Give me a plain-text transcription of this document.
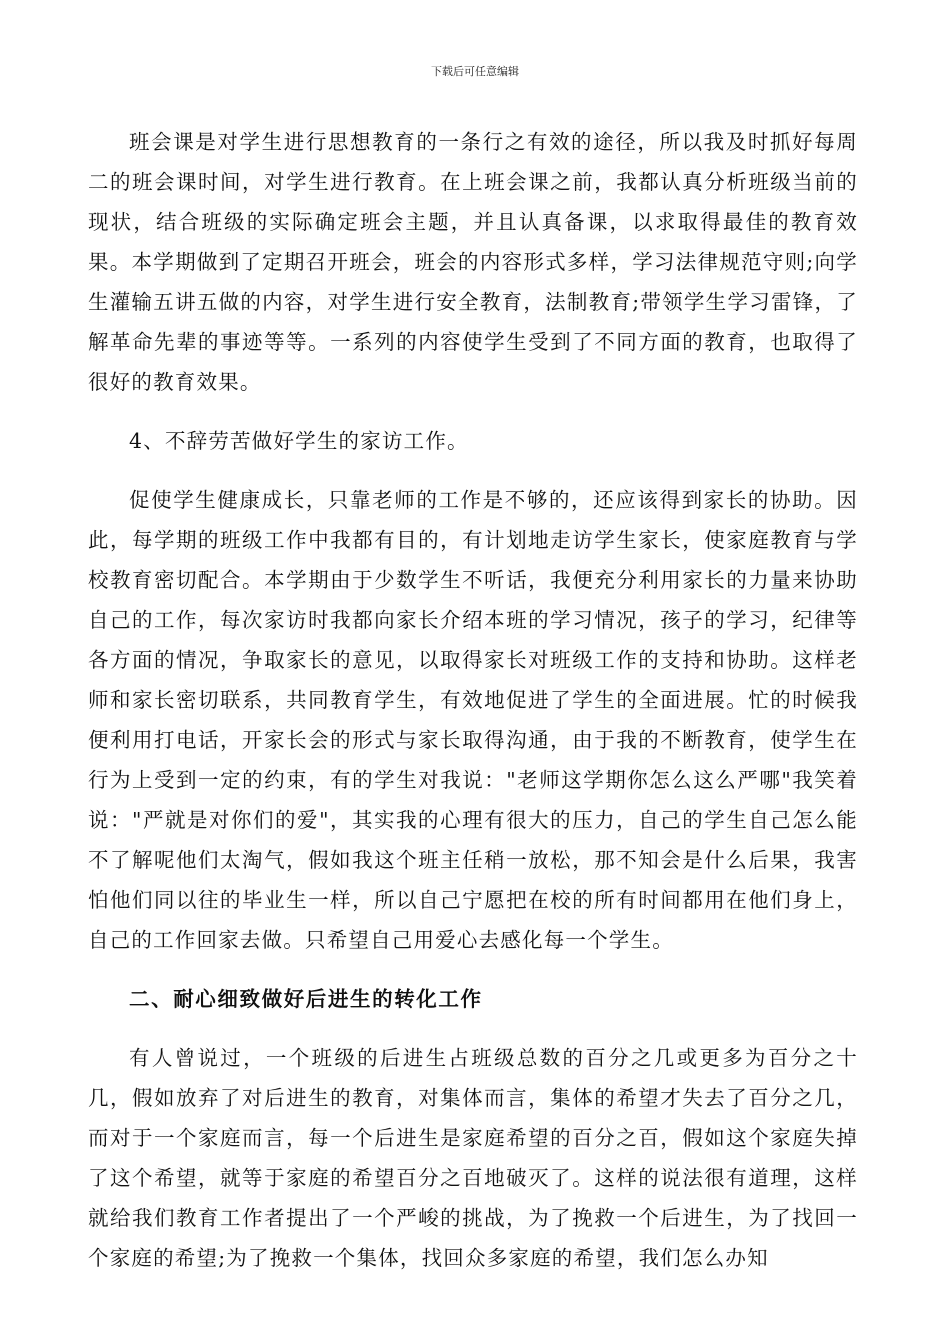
下载后可任意编辑

班会课是对学生进行思想教育的一条行之有效的途径，所以我及时抓好每周二的班会课时间，对学生进行教育。在上班会课之前，我都认真分析班级当前的现状，结合班级的实际确定班会主题，并且认真备课，以求取得最佳的教育效果。本学期做到了定期召开班会，班会的内容形式多样，学习法律规范守则;向学生灌输五讲五做的内容，对学生进行安全教育，法制教育;带领学生学习雷锋，了解革命先辈的事迹等等。一系列的内容使学生受到了不同方面的教育，也取得了很好的教育效果。

4、不辞劳苦做好学生的家访工作。

促使学生健康成长，只靠老师的工作是不够的，还应该得到家长的协助。因此，每学期的班级工作中我都有目的，有计划地走访学生家长，使家庭教育与学校教育密切配合。本学期由于少数学生不听话，我便充分利用家长的力量来协助自己的工作，每次家访时我都向家长介绍本班的学习情况，孩子的学习，纪律等各方面的情况，争取家长的意见，以取得家长对班级工作的支持和协助。这样老师和家长密切联系，共同教育学生，有效地促进了学生的全面进展。忙的时候我便利用打电话，开家长会的形式与家长取得沟通，由于我的不断教育，使学生在行为上受到一定的约束，有的学生对我说："老师这学期你怎么这么严哪"我笑着说："严就是对你们的爱"，其实我的心理有很大的压力，自己的学生自己怎么能不了解呢他们太淘气，假如我这个班主任稍一放松，那不知会是什么后果，我害怕他们同以往的毕业生一样，所以自己宁愿把在校的所有时间都用在他们身上，自己的工作回家去做。只希望自己用爱心去感化每一个学生。

二、耐心细致做好后进生的转化工作

有人曾说过，一个班级的后进生占班级总数的百分之几或更多为百分之十几，假如放弃了对后进生的教育，对集体而言，集体的希望才失去了百分之几，而对于一个家庭而言，每一个后进生是家庭希望的百分之百，假如这个家庭失掉了这个希望，就等于家庭的希望百分之百地破灭了。这样的说法很有道理，这样就给我们教育工作者提出了一个严峻的挑战，为了挽救一个后进生，为了找回一个家庭的希望;为了挽救一个集体，找回众多家庭的希望，我们怎么办知
